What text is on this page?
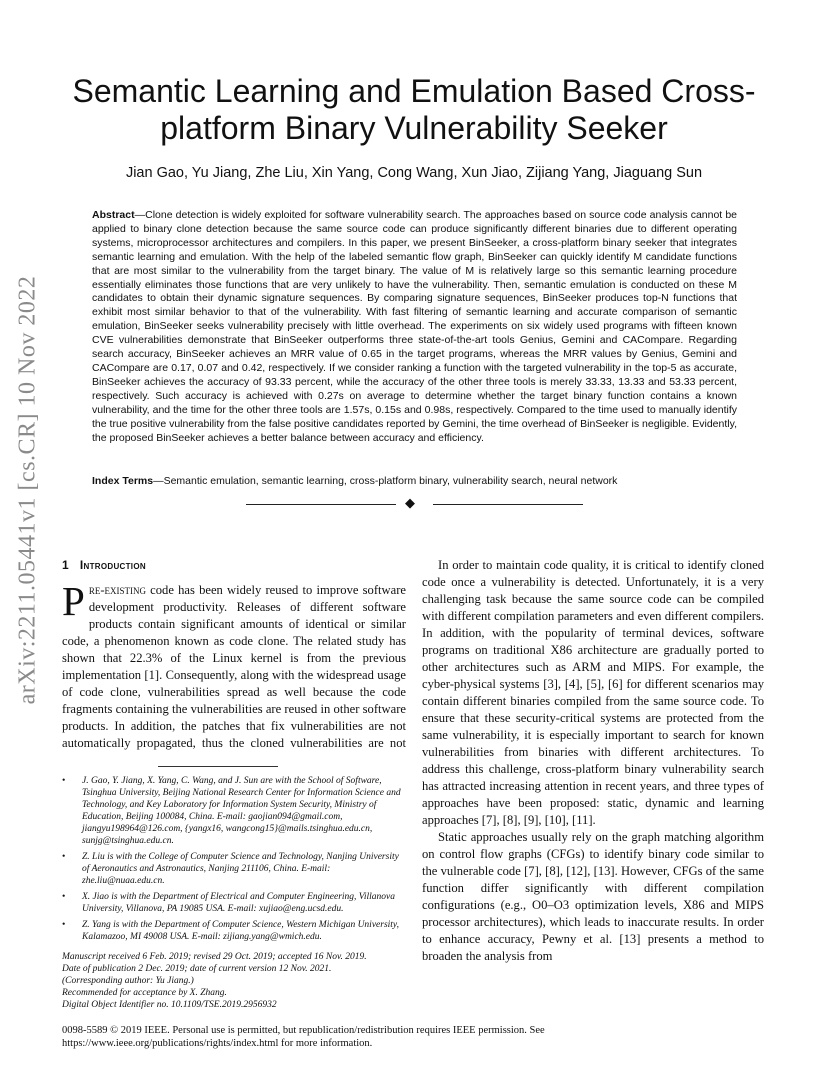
arXiv:2211.05441v1 [cs.CR] 10 Nov 2022
Semantic Learning and Emulation Based Cross-platform Binary Vulnerability Seeker
Jian Gao, Yu Jiang, Zhe Liu, Xin Yang, Cong Wang, Xun Jiao, Zijiang Yang, Jiaguang Sun
Abstract—Clone detection is widely exploited for software vulnerability search. The approaches based on source code analysis cannot be applied to binary clone detection because the same source code can produce significantly different binaries due to different operating systems, microprocessor architectures and compilers. In this paper, we present BinSeeker, a cross-platform binary seeker that integrates semantic learning and emulation. With the help of the labeled semantic flow graph, BinSeeker can quickly identify M candidate functions that are most similar to the vulnerability from the target binary. The value of M is relatively large so this semantic learning procedure essentially eliminates those functions that are very unlikely to have the vulnerability. Then, semantic emulation is conducted on these M candidates to obtain their dynamic signature sequences. By comparing signature sequences, BinSeeker produces top-N functions that exhibit most similar behavior to that of the vulnerability. With fast filtering of semantic learning and accurate comparison of semantic emulation, BinSeeker seeks vulnerability precisely with little overhead. The experiments on six widely used programs with fifteen known CVE vulnerabilities demonstrate that BinSeeker outperforms three state-of-the-art tools Genius, Gemini and CACompare. Regarding search accuracy, BinSeeker achieves an MRR value of 0.65 in the target programs, whereas the MRR values by Genius, Gemini and CACompare are 0.17, 0.07 and 0.42, respectively. If we consider ranking a function with the targeted vulnerability in the top-5 as accurate, BinSeeker achieves the accuracy of 93.33 percent, while the accuracy of the other three tools is merely 33.33, 13.33 and 53.33 percent, respectively. Such accuracy is achieved with 0.27s on average to determine whether the target binary function contains a known vulnerability, and the time for the other three tools are 1.57s, 0.15s and 0.98s, respectively. Compared to the time used to manually identify the true positive vulnerability from the false positive candidates reported by Gemini, the time overhead of BinSeeker is negligible. Evidently, the proposed BinSeeker achieves a better balance between accuracy and efficiency.
Index Terms—Semantic emulation, semantic learning, cross-platform binary, vulnerability search, neural network
◆
1 Introduction

Pre-existing code has been widely reused to improve software development productivity. Releases of different software products contain significant amounts of identical or similar code, a phenomenon known as code clone. The related study has shown that 22.3% of the Linux kernel is from the previous implementation [1]. Consequently, along with the widespread usage of code clone, vulnerabilities spread as well because the code fragments containing the vulnerabilities are reused in other software products. In addition, the patches that fix vulnerabilities are not automatically propagated, thus the cloned vulnerabilities are not

• J. Gao, Y. Jiang, X. Yang, C. Wang, and J. Sun are with the School of Software, Tsinghua University, Beijing National Research Center for Information Science and Technology, and Key Laboratory for Information System Security, Ministry of Education, Beijing 100084, China. E-mail: gaojian094@gmail.com, jiangyu198964@126.com, {yangx16, wangcong15}@mails.tsinghua.edu.cn, sunjg@tsinghua.edu.cn.
• Z. Liu is with the College of Computer Science and Technology, Nanjing University of Aeronautics and Astronautics, Nanjing 211106, China. E-mail: zhe.liu@nuaa.edu.cn.
• X. Jiao is with the Department of Electrical and Computer Engineering, Villanova University, Villanova, PA 19085 USA. E-mail: xujiao@eng.ucsd.edu.
• Z. Yang is with the Department of Computer Science, Western Michigan University, Kalamazoo, MI 49008 USA. E-mail: zijiang.yang@wmich.edu.
Manuscript received 6 Feb. 2019; revised 29 Oct. 2019; accepted 16 Nov. 2019.
Date of publication 2 Dec. 2019; date of current version 12 Nov. 2021.
(Corresponding author: Yu Jiang.)
Recommended for acceptance by X. Zhang.
Digital Object Identifier no. 10.1109/TSE.2019.2956932

In order to maintain code quality, it is critical to identify cloned code once a vulnerability is detected. Unfortunately, it is a very challenging task because the same source code can be compiled with different compilation parameters and even different compilers. In addition, with the popularity of terminal devices, software programs on traditional X86 architecture are gradually ported to other architectures such as ARM and MIPS. For example, the cyber-physical systems [3], [4], [5], [6] for different scenarios may contain different binaries compiled from the same source code. To ensure that these security-critical systems are protected from the same vulnerability, it is especially important to search for known vulnerabilities from binaries with different architectures. To address this challenge, cross-platform binary vulnerability search has attracted increasing attention in recent years, and three types of approaches have been proposed: static, dynamic and learning approaches [7], [8], [9], [10], [11].

Static approaches usually rely on the graph matching algorithm on control flow graphs (CFGs) to identify binary code similar to the vulnerable code [7], [8], [12], [13]. However, CFGs of the same function differ significantly with different compilation configurations (e.g., O0–O3 optimization levels, X86 and MIPS processor architectures), which leads to inaccurate results. In order to enhance accuracy, Pewny et al. [13] presents a method to broaden the analysis from

0098-5589 © 2019 IEEE. Personal use is permitted, but republication/redistribution requires IEEE permission. See
https://www.ieee.org/publications/rights/index.html for more information.
